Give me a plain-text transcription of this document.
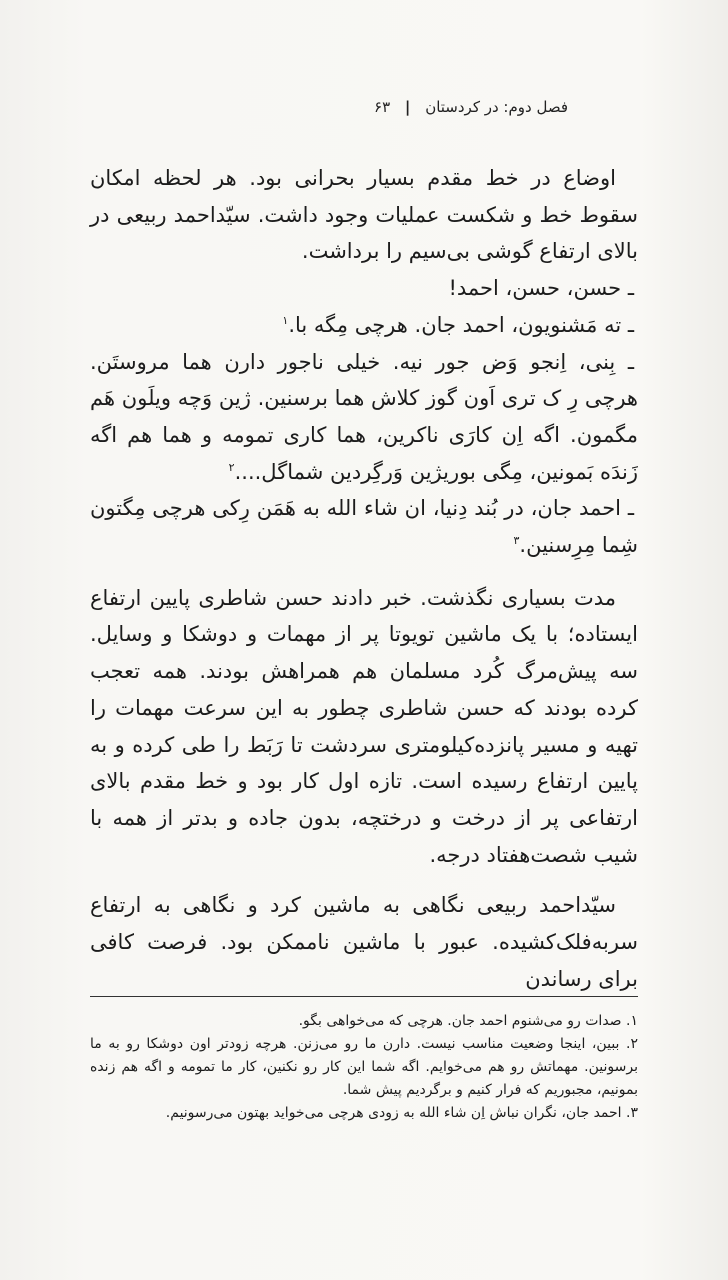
فصل دوم: در کردستان | ۶۳

اوضاع در خط مقدم بسیار بحرانی بود. هر لحظه امکان سقوط خط و شکست عملیات وجود داشت. سیّداحمد ربیعی در بالای ارتفاع گوشی بی‌سیم را برداشت.

ـ حسن، حسن، احمد!

ـ ته مَشنویون، احمد جان. هرچی مِگه با.$^۱$

ـ بِنی، اِنجو وَض جور نیه. خیلی ناجور دارن هما مروستَن. هرچی رِ ک تری اَون گوز کلاش هما برسنین. ژین وَچه ویلَون هَم مگمون. اگه اِن کارَی ناکرین، هما کاری تمومه و هما هم اگه زَندَه بَمونین، مِگی بوریژین وَرگِردین شماگل....$^۲$

ـ احمد جان، در بُند دِنیا، ان شاء الله به هَمَن رِکی هرچی مِگتون شِما مِرِسنین.$^۳$

مدت بسیاری نگذشت. خبر دادند حسن شاطری پایین ارتفاع ایستاده؛ با یک ماشین تویوتا پر از مهمات و دوشکا و وسایل. سه پیش‌مرگ کُرد مسلمان هم همراهش بودند. همه تعجب کرده بودند که حسن شاطری چطور به این سرعت مهمات را تهیه و مسیر پانزده‌کیلومتری سردشت تا رَبَط را طی کرده و به پایین ارتفاع رسیده است. تازه اول کار بود و خط مقدم بالای ارتفاعی پر از درخت و درختچه، بدون جاده و بدتر از همه با شیب شصت‌هفتاد درجه.

سیّداحمد ربیعی نگاهی به ماشین کرد و نگاهی به ارتفاع سربه‌فلک‌کشیده. عبور با ماشین ناممکن بود. فرصت کافی برای رساندن

۱. صدات رو می‌شنوم احمد جان. هرچی که می‌خواهی بگو.

۲. ببین، اینجا وضعیت مناسب نیست. دارن ما رو می‌زنن. هرچه زودتر اون دوشکا رو به ما برسونین. مهماتش رو هم می‌خوایم. اگه شما این کار رو نکنین، کار ما تمومه و اگه هم زنده بمونیم، مجبوریم که فرار کنیم و برگردیم پیش شما.

۳. احمد جان، نگران نباش اِن شاء الله به زودی هرچی می‌خواید بهتون می‌رسونیم.
